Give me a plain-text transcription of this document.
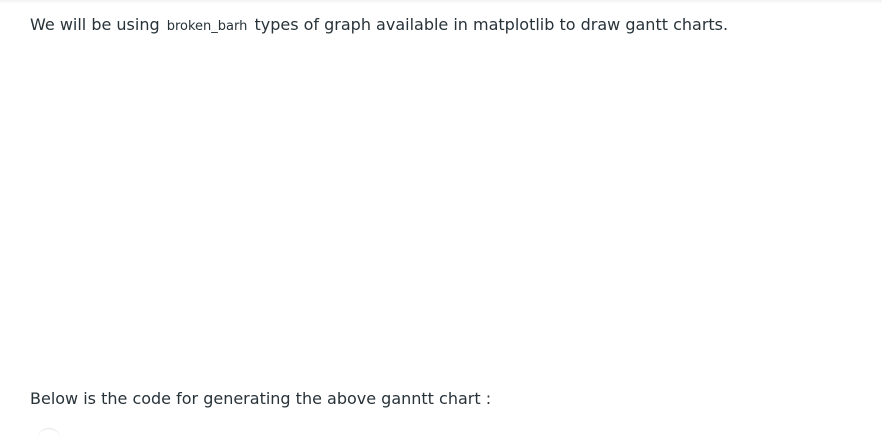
We will be using broken_barh types of graph available in matplotlib to draw gantt charts.

Below is the code for generating the above ganntt chart :
